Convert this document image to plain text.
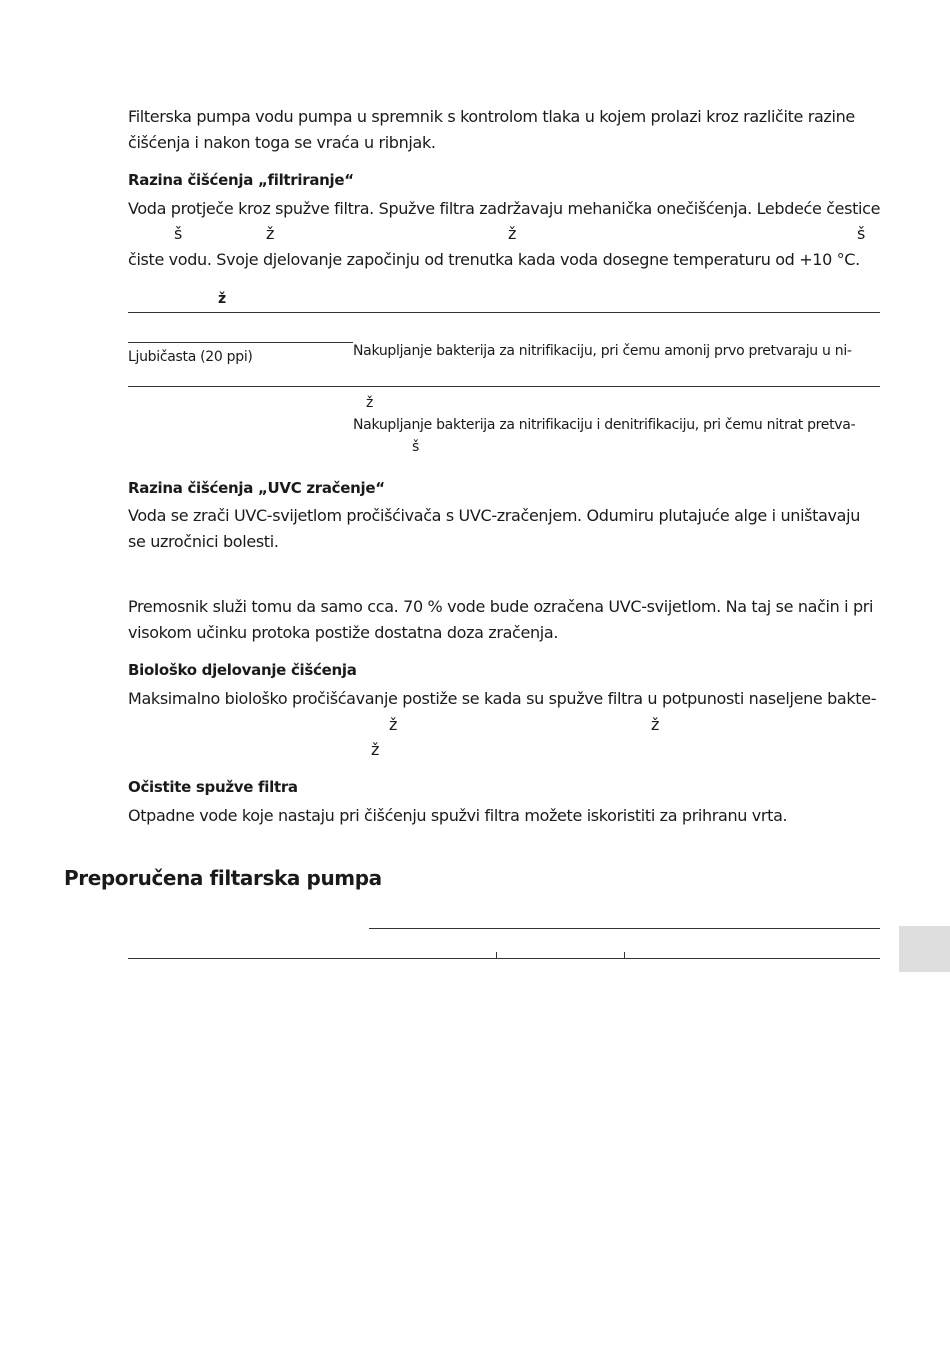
Filterska pumpa vodu pumpa u spremnik s kontrolom tlaka u kojem prolazi kroz različite razine čišćenja i nakon toga se vraća u ribnjak.

Razina čišćenja „filtriranje“

Voda protječe kroz spužve filtra. Spužve filtra zadržavaju mehanička onečišćenja. Lebdeće čestice

š	ž	ž	š

čiste vodu. Svoje djelovanje započinju od trenutka kada voda dosegne temperaturu od +10 °C.

ž
Ljubičasta (20 ppi)	Nakupljanje bakterija za nitrifikaciju, pri čemu amonij prvo pretvaraju u ni-
ž
Nakupljanje bakterija za nitrifikaciju i denitrifikaciju, pri čemu nitrat pretva-
š

Razina čišćenja „UVC zračenje“

Voda se zrači UVC-svijetlom pročišćivača s UVC-zračenjem. Odumiru plutajuće alge i uništavaju

se uzročnici bolesti.

Premosnik služi tomu da samo cca. 70 % vode bude ozračena UVC-svijetlom. Na taj se način i pri

visokom učinku protoka postiže dostatna doza zračenja.

Biološko djelovanje čišćenja

Maksimalno biološko pročišćavanje postiže se kada su spužve filtra u potpunosti naseljene bakte-

ž	ž
ž

Očistite spužve filtra

Otpadne vode koje nastaju pri čišćenju spužvi filtra možete iskoristiti za prihranu vrta.

Preporučena filtarska pumpa
